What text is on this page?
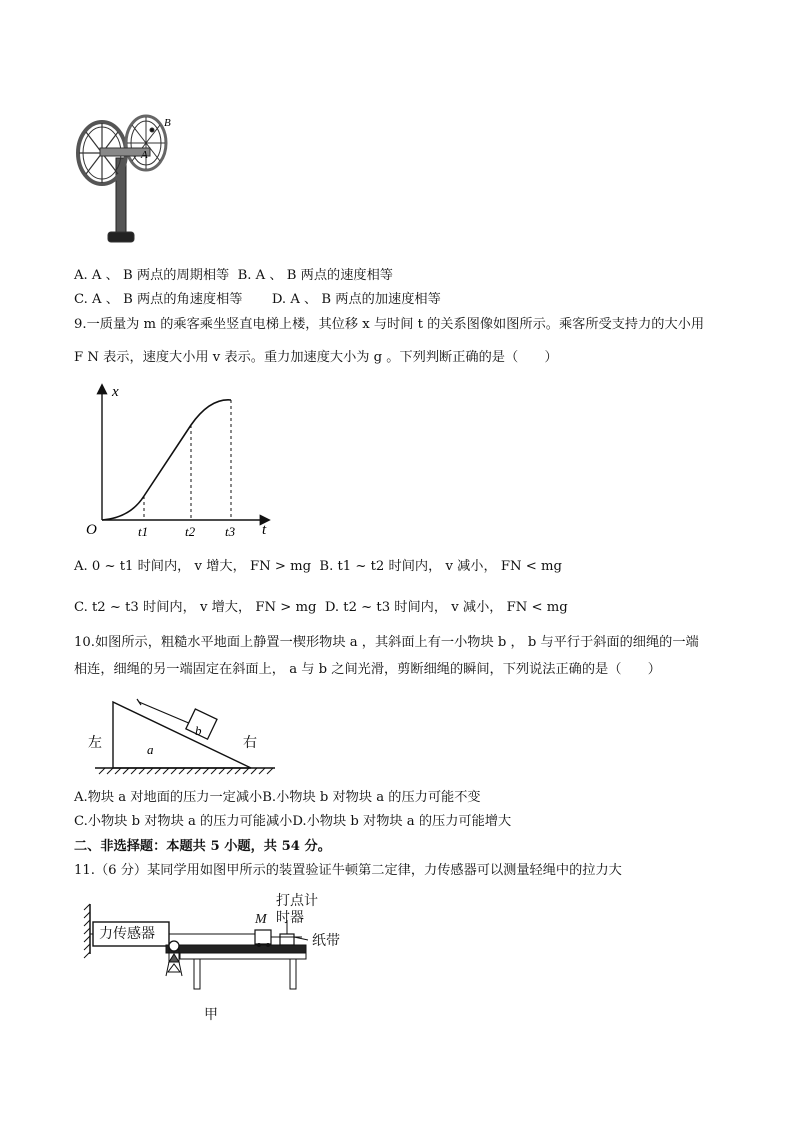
B
A
A. A 、 B 两点的周期相等 B. A 、 B 两点的速度相等
C. A 、 B 两点的角速度相等 D. A 、 B 两点的加速度相等
9.一质量为 m 的乘客乘坐竖直电梯上楼，其位移 x 与时间 t 的关系图像如图所示。乘客所受支持力的大小用
F N 表示，速度大小用 v 表示。重力加速度大小为 g 。下列判断正确的是（　　）
x
t
O	t1	t2 t3
A. 0 ~ t1 时间内， v 增大， FN > mg B. t1 ~ t2 时间内， v 减小， FN < mg
C. t2 ~ t3 时间内， v 增大， FN > mg D. t2 ~ t3 时间内， v 减小， FN < mg
10.如图所示，粗糙水平地面上静置一楔形物块 a ，其斜面上有一小物块 b ， b 与平行于斜面的细绳的一端
相连，细绳的另一端固定在斜面上， a 与 b 之间光滑，剪断细绳的瞬间，下列说法正确的是（　　）
b
a
左	右
A.物块 a 对地面的压力一定减小B.小物块 b 对物块 a 的压力可能不变
C.小物块 b 对物块 a 的压力可能减小D.小物块 b 对物块 a 的压力可能增大
二、非选择题：本题共 5 小题，共 54 分。
11.（6 分）某同学用如图甲所示的装置验证牛顿第二定律，力传感器可以测量轻绳中的拉力大
力传感器
M
打点计
时器
纸带
甲
